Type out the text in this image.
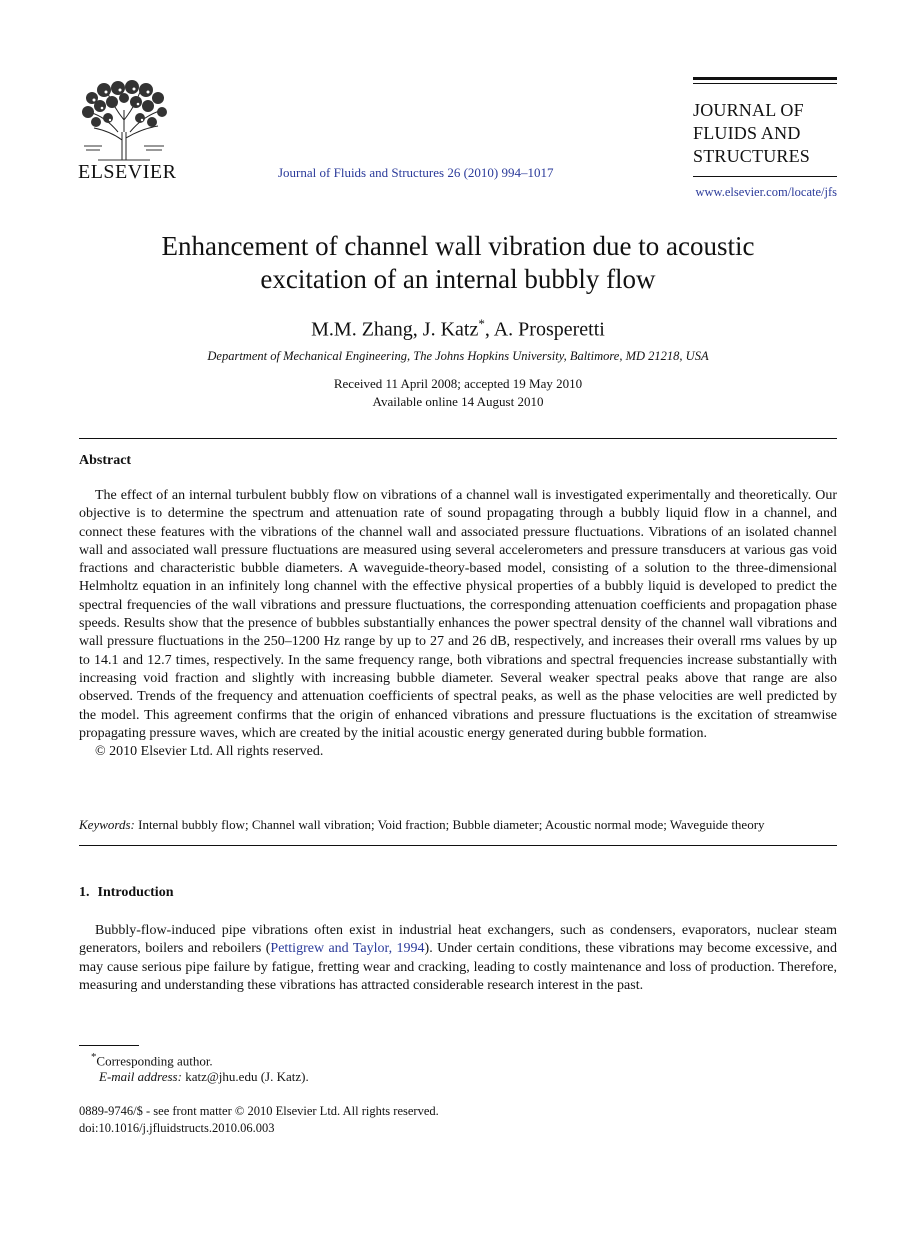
ELSEVIER	Journal of Fluids and Structures 26 (2010) 994–1017
JOURNAL OF
FLUIDS AND
STRUCTURES
www.elsevier.com/locate/jfs
Enhancement of channel wall vibration due to acoustic
excitation of an internal bubbly flow
M.M. Zhang, J. Katz*, A. Prosperetti
Department of Mechanical Engineering, The Johns Hopkins University, Baltimore, MD 21218, USA
Received 11 April 2008; accepted 19 May 2010
Available online 14 August 2010
Abstract

The effect of an internal turbulent bubbly flow on vibrations of a channel wall is investigated experimentally and theoretically. Our objective is to determine the spectrum and attenuation rate of sound propagating through a bubbly liquid flow in a channel, and connect these features with the vibrations of the channel wall and associated pressure fluctuations. Vibrations of an isolated channel wall and associated wall pressure fluctuations are measured using several accelerometers and pressure transducers at various gas void fractions and characteristic bubble diameters. A waveguide-theory-based model, consisting of a solution to the three-dimensional Helmholtz equation in an infinitely long channel with the effective physical properties of a bubbly liquid is developed to predict the spectral frequencies of the wall vibrations and pressure fluctuations, the corresponding attenuation coefficients and propagation phase speeds. Results show that the presence of bubbles substantially enhances the power spectral density of the channel wall vibrations and wall pressure fluctuations in the 250–1200 Hz range by up to 27 and 26 dB, respectively, and increases their overall rms values by up to 14.1 and 12.7 times, respectively. In the same frequency range, both vibrations and spectral frequencies increase substantially with increasing void fraction and slightly with increasing bubble diameter. Several weaker spectral peaks above that range are also observed. Trends of the frequency and attenuation coefficients of spectral peaks, as well as the phase velocities are well predicted by the model. This agreement confirms that the origin of enhanced vibrations and pressure fluctuations is the excitation of streamwise propagating pressure waves, which are created by the initial acoustic energy generated during bubble formation.

© 2010 Elsevier Ltd. All rights reserved.

Keywords: Internal bubbly flow; Channel wall vibration; Void fraction; Bubble diameter; Acoustic normal mode; Waveguide theory
1. Introduction

Bubbly-flow-induced pipe vibrations often exist in industrial heat exchangers, such as condensers, evaporators, nuclear steam generators, boilers and reboilers (Pettigrew and Taylor, 1994). Under certain conditions, these vibrations may become excessive, and may cause serious pipe failure by fatigue, fretting wear and cracking, leading to costly maintenance and loss of production. Therefore, measuring and understanding these vibrations has attracted considerable research interest in the past.

*Corresponding author.
E-mail address: katz@jhu.edu (J. Katz).
0889-9746/$ - see front matter © 2010 Elsevier Ltd. All rights reserved.
doi:10.1016/j.jfluidstructs.2010.06.003
